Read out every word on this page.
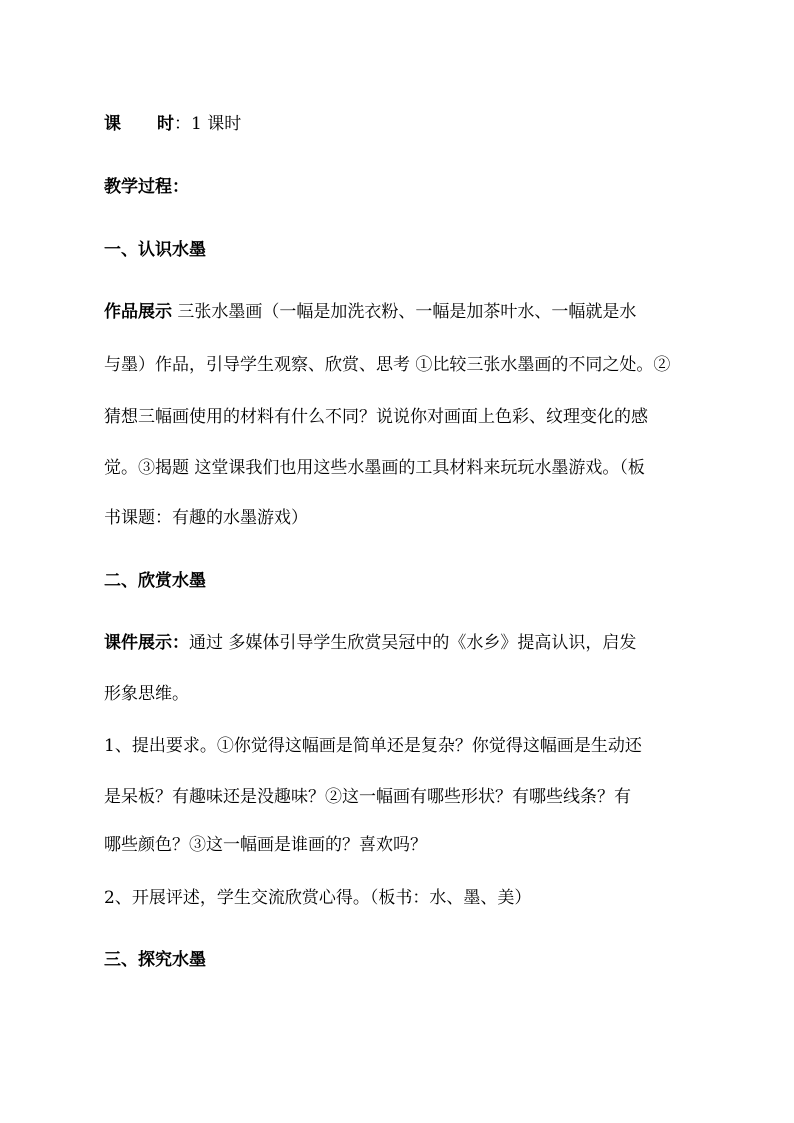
课 时：1 课时
教学过程：
一、认识水墨
作品展示 三张水墨画（一幅是加洗衣粉、一幅是加茶叶水、一幅就是水
与墨）作品，引导学生观察、欣赏、思考 ①比较三张水墨画的不同之处。②
猜想三幅画使用的材料有什么不同？说说你对画面上色彩、纹理变化的感
觉。③揭题 这堂课我们也用这些水墨画的工具材料来玩玩水墨游戏。（板
书课题：有趣的水墨游戏）
二、欣赏水墨
课件展示：通过 多媒体引导学生欣赏吴冠中的《水乡》提高认识，启发
形象思维。
1、提出要求。①你觉得这幅画是简单还是复杂？你觉得这幅画是生动还
是呆板？有趣味还是没趣味？②这一幅画有哪些形状？有哪些线条？有
哪些颜色？③这一幅画是谁画的？喜欢吗？
2、开展评述，学生交流欣赏心得。（板书：水、墨、美）
三、探究水墨
